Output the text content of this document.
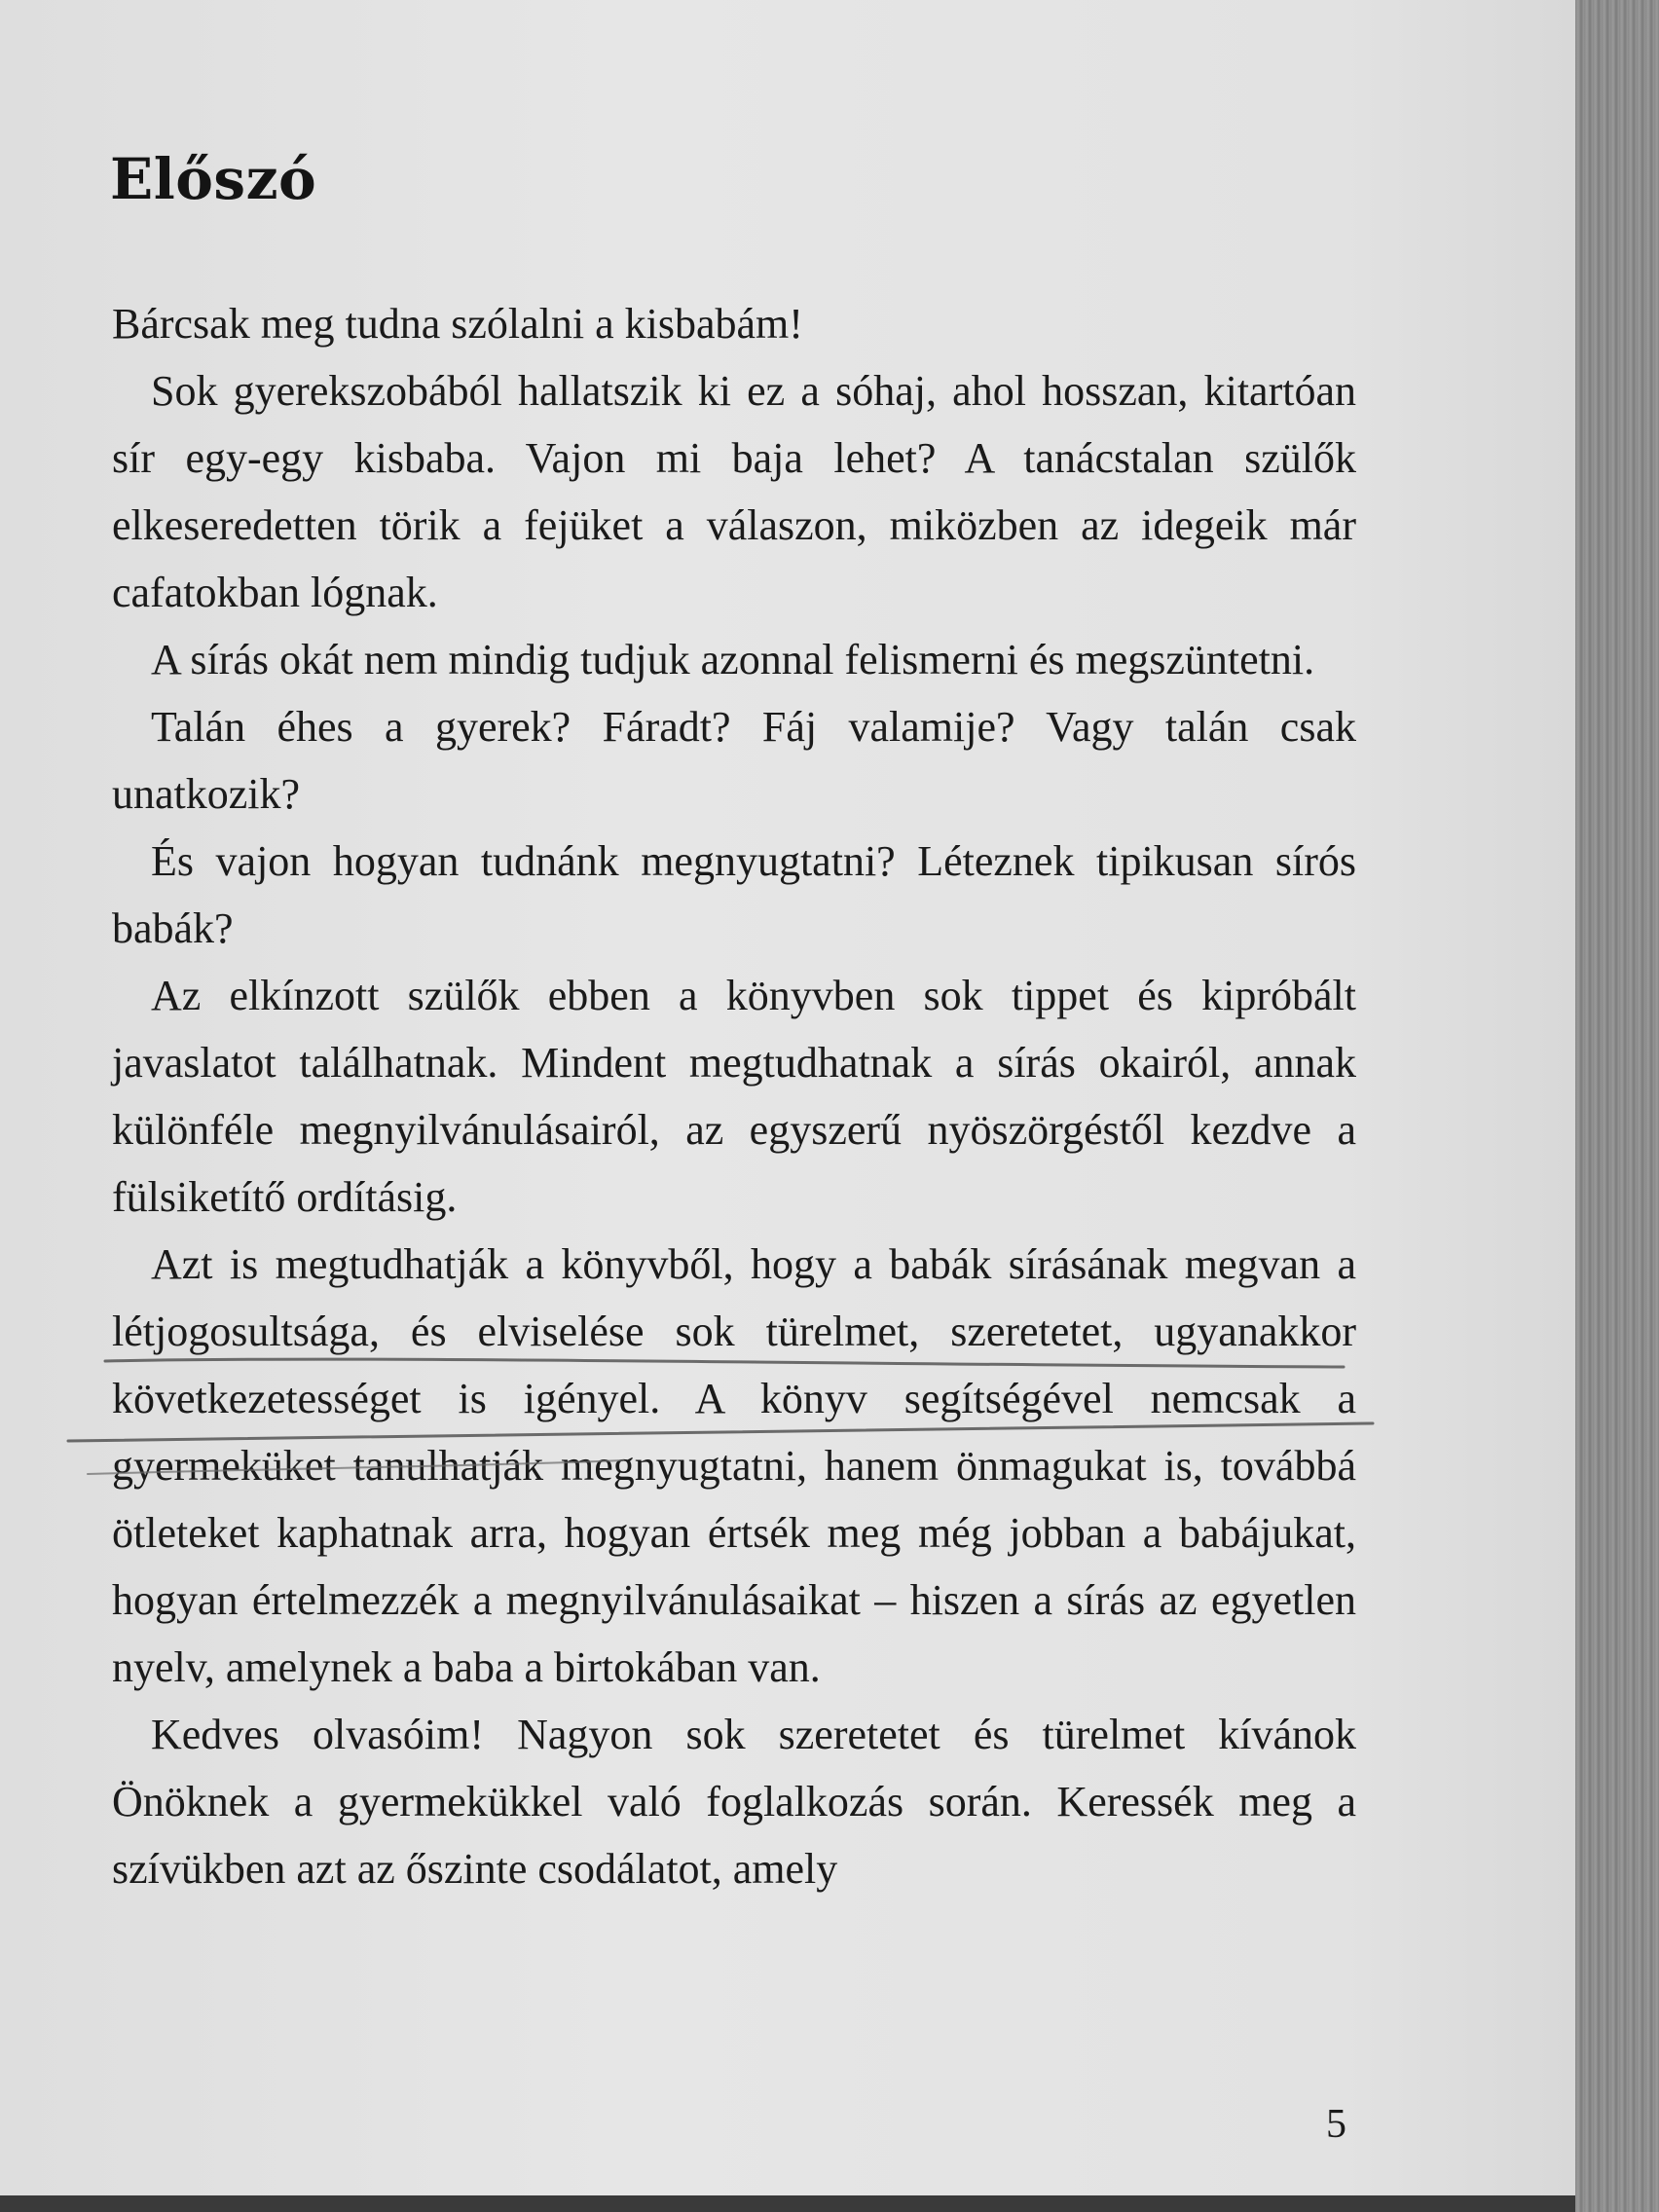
Előszó

Bárcsak meg tudna szólalni a kisbabám!

Sok gyerekszobából hallatszik ki ez a sóhaj, ahol hosszan, kitartóan sír egy-egy kisbaba. Vajon mi baja lehet? A tanácstalan szülők elkeseredetten törik a fejüket a válaszon, miközben az idegeik már cafatokban lógnak.

A sírás okát nem mindig tudjuk azonnal felismerni és megszüntetni.

Talán éhes a gyerek? Fáradt? Fáj valamije? Vagy talán csak unatkozik?

És vajon hogyan tudnánk megnyugtatni? Léteznek tipikusan sírós babák?

Az elkínzott szülők ebben a könyvben sok tippet és kipróbált javaslatot találhatnak. Mindent megtudhatnak a sírás okairól, annak különféle megnyilvánulásairól, az egyszerű nyöszörgéstől kezdve a fülsiketítő ordításig.

Azt is megtudhatják a könyvből, hogy a babák sírásának megvan a létjogosultsága, és elviselése sok türelmet, szeretetet, ugyanakkor következetességet is igényel. A könyv segítségével nemcsak a gyermeküket tanulhatják megnyugtatni, hanem önmagukat is, továbbá ötleteket kaphatnak arra, hogyan értsék meg még jobban a babájukat, hogyan értelmezzék a megnyilvánulásaikat – hiszen a sírás az egyetlen nyelv, amelynek a baba a birtokában van.

Kedves olvasóim! Nagyon sok szeretetet és türelmet kívánok Önöknek a gyermekükkel való foglalkozás során. Keressék meg a szívükben azt az őszinte csodálatot, amely

5
